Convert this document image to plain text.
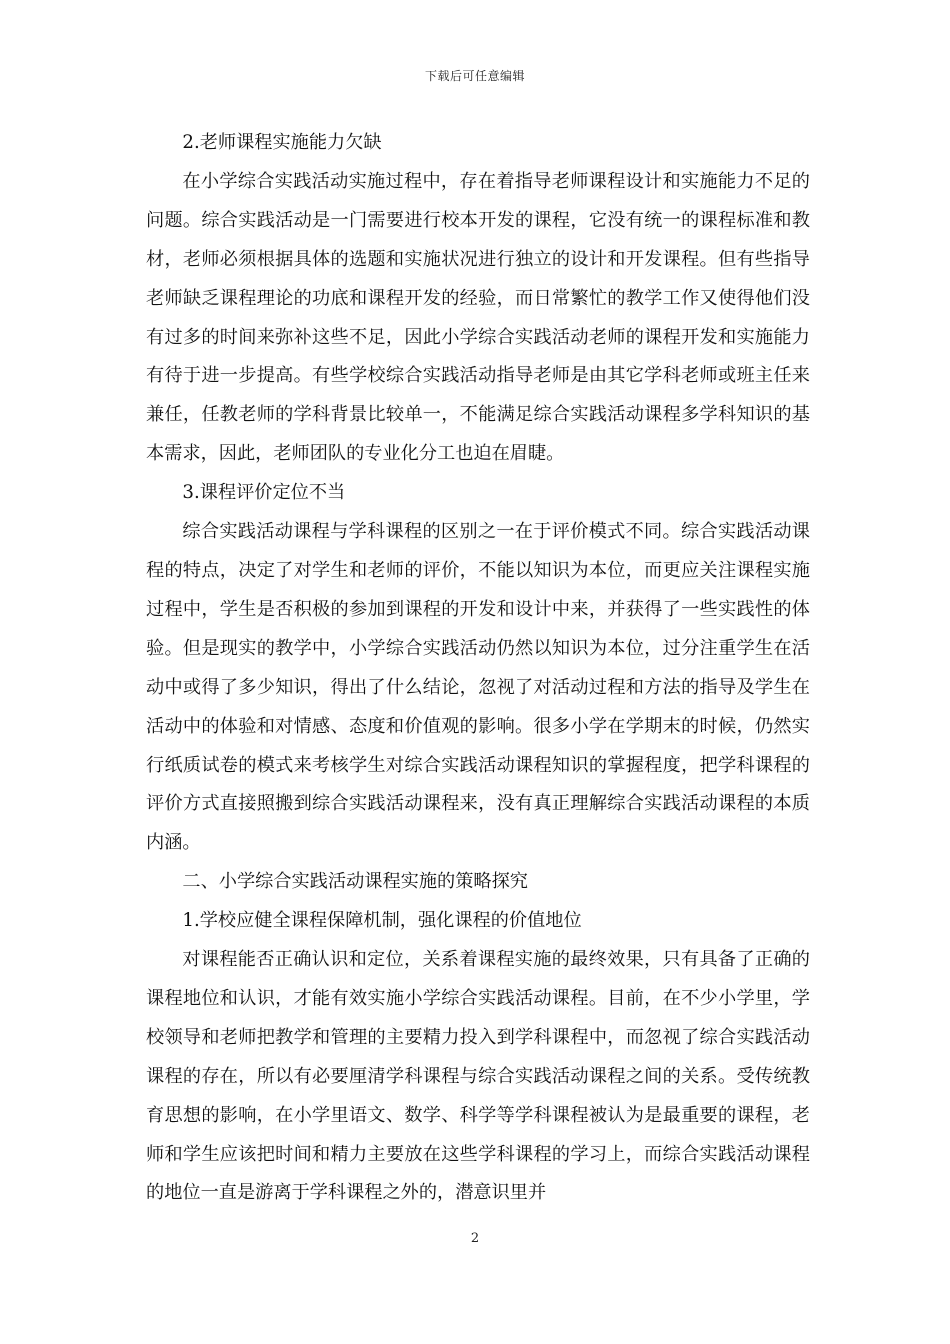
下载后可任意编辑

2.老师课程实施能力欠缺

在小学综合实践活动实施过程中，存在着指导老师课程设计和实施能力不足的问题。综合实践活动是一门需要进行校本开发的课程，它没有统一的课程标准和教材，老师必须根据具体的选题和实施状况进行独立的设计和开发课程。但有些指导老师缺乏课程理论的功底和课程开发的经验，而日常繁忙的教学工作又使得他们没有过多的时间来弥补这些不足，因此小学综合实践活动老师的课程开发和实施能力有待于进一步提高。有些学校综合实践活动指导老师是由其它学科老师或班主任来兼任，任教老师的学科背景比较单一，不能满足综合实践活动课程多学科知识的基本需求，因此，老师团队的专业化分工也迫在眉睫。

3.课程评价定位不当

综合实践活动课程与学科课程的区别之一在于评价模式不同。综合实践活动课程的特点，决定了对学生和老师的评价，不能以知识为本位，而更应关注课程实施过程中，学生是否积极的参加到课程的开发和设计中来，并获得了一些实践性的体验。但是现实的教学中，小学综合实践活动仍然以知识为本位，过分注重学生在活动中或得了多少知识，得出了什么结论，忽视了对活动过程和方法的指导及学生在活动中的体验和对情感、态度和价值观的影响。很多小学在学期末的时候，仍然实行纸质试卷的模式来考核学生对综合实践活动课程知识的掌握程度，把学科课程的评价方式直接照搬到综合实践活动课程来，没有真正理解综合实践活动课程的本质内涵。

二、小学综合实践活动课程实施的策略探究

1.学校应健全课程保障机制，强化课程的价值地位

对课程能否正确认识和定位，关系着课程实施的最终效果，只有具备了正确的课程地位和认识，才能有效实施小学综合实践活动课程。目前，在不少小学里，学校领导和老师把教学和管理的主要精力投入到学科课程中，而忽视了综合实践活动课程的存在，所以有必要厘清学科课程与综合实践活动课程之间的关系。受传统教育思想的影响，在小学里语文、数学、科学等学科课程被认为是最重要的课程，老师和学生应该把时间和精力主要放在这些学科课程的学习上，而综合实践活动课程的地位一直是游离于学科课程之外的，潜意识里并

2
